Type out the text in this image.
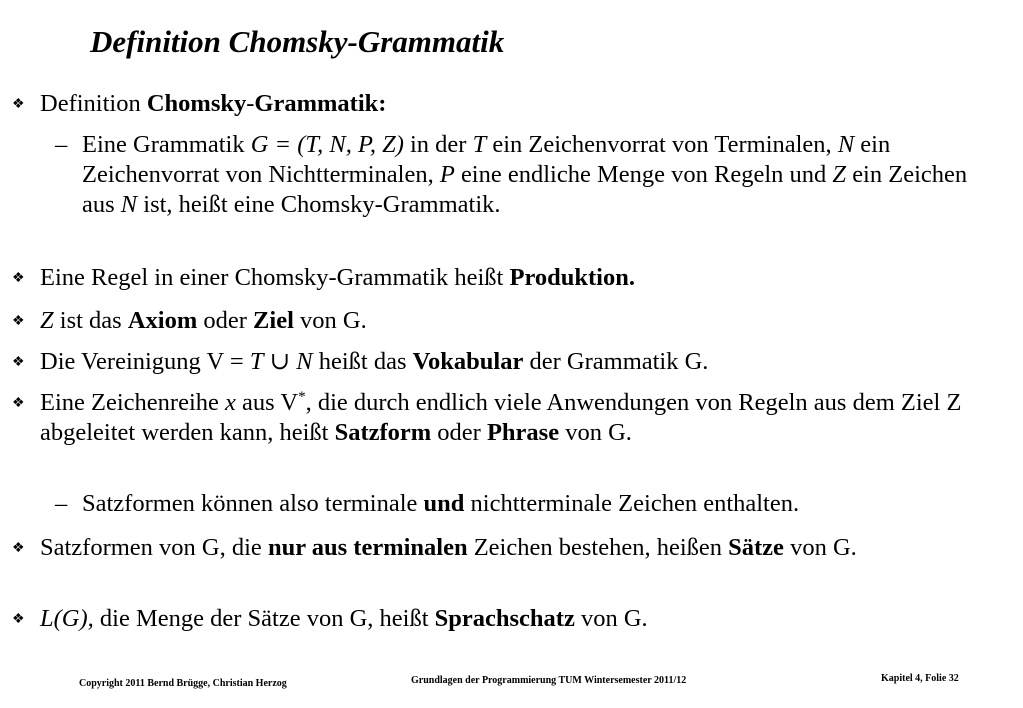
Definition Chomsky-Grammatik
❖ Definition Chomsky-Grammatik:
– Eine Grammatik G = (T, N, P, Z) in der T ein Zeichenvorrat von Terminalen, N ein Zeichenvorrat von Nichtterminalen, P eine endliche Menge von Regeln und Z ein Zeichen aus N ist, heißt eine Chomsky-Grammatik.
❖ Eine Regel in einer Chomsky-Grammatik heißt Produktion.
❖ Z ist das Axiom oder Ziel von G.
❖ Die Vereinigung V = T ∪ N heißt das Vokabular der Grammatik G.
❖ Eine Zeichenreihe x aus V*, die durch endlich viele Anwendungen von Regeln aus dem Ziel Z abgeleitet werden kann, heißt Satzform oder Phrase von G.
– Satzformen können also terminale und nichtterminale Zeichen enthalten.
❖ Satzformen von G, die nur aus terminalen Zeichen bestehen, heißen Sätze von G.
❖ L(G), die Menge der Sätze von G, heißt Sprachschatz von G.
Copyright 2011 Bernd Brügge, Christian Herzog	Grundlagen der Programmierung TUM Wintersemester 2011/12	Kapitel 4, Folie 32
